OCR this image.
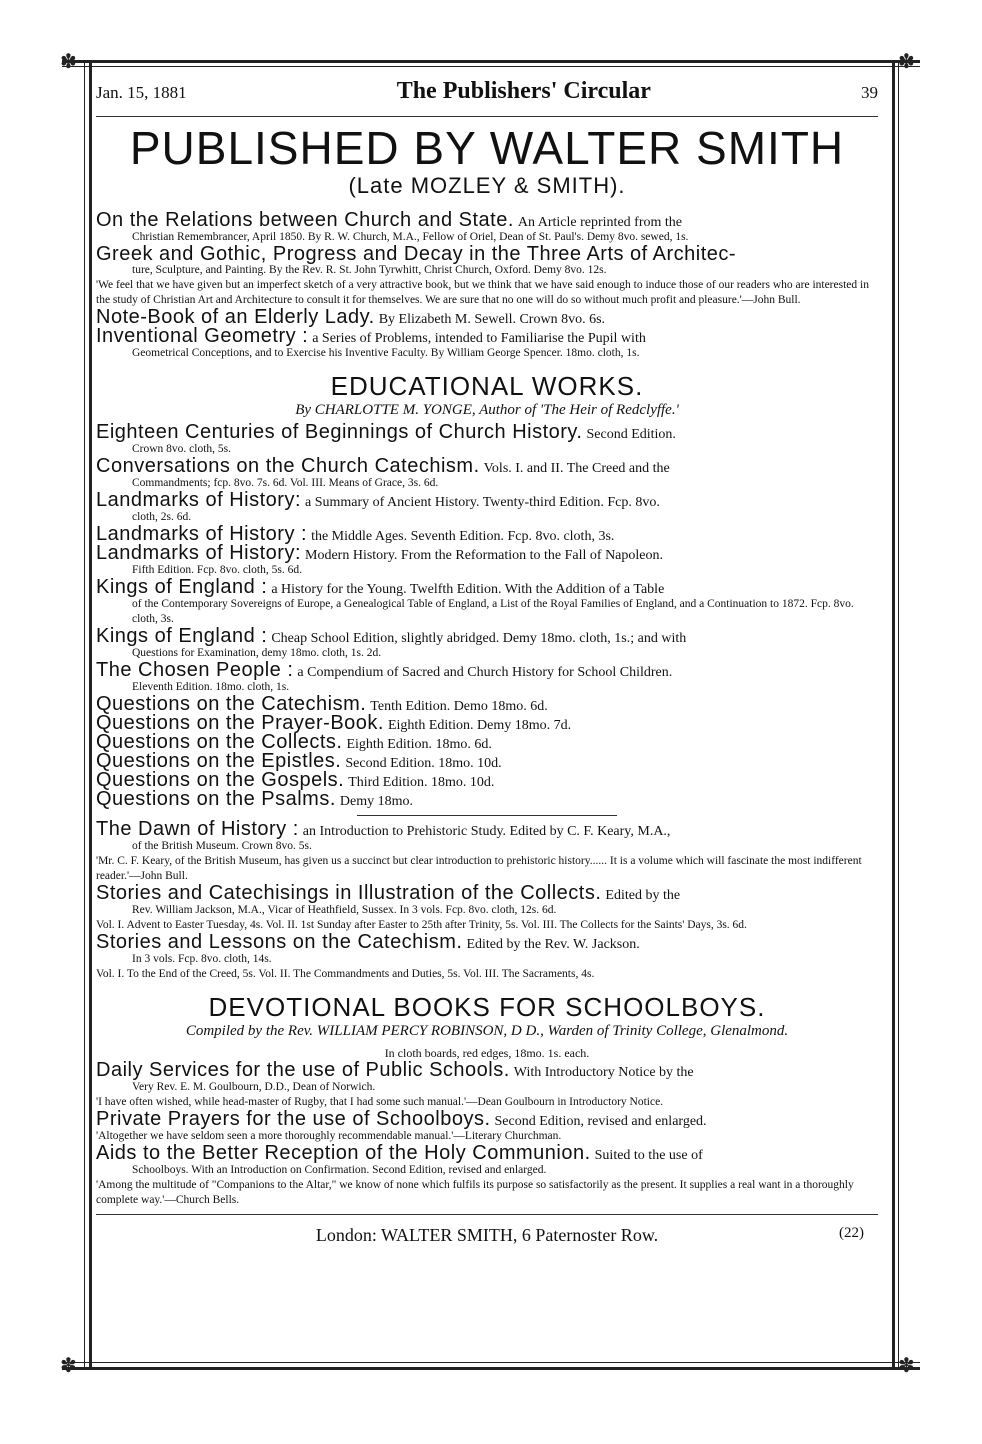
✽	✽
✽	✽
Jan. 15, 1881	The Publishers' Circular	39
PUBLISHED BY WALTER SMITH
(Late MOZLEY & SMITH).
On the Relations between Church and State. An Article reprinted from the
Christian Remembrancer, April 1850. By R. W. Church, M.A., Fellow of Oriel, Dean of St. Paul's. Demy 8vo. sewed, 1s.
Greek and Gothic, Progress and Decay in the Three Arts of Architec-
ture, Sculpture, and Painting. By the Rev. R. St. John Tyrwhitt, Christ Church, Oxford. Demy 8vo. 12s.
'We feel that we have given but an imperfect sketch of a very attractive book, but we think that we have said enough to induce those of our readers who are interested in the study of Christian Art and Architecture to consult it for themselves. We are sure that no one will do so without much profit and pleasure.'—John Bull.
Note-Book of an Elderly Lady. By Elizabeth M. Sewell. Crown 8vo. 6s.
Inventional Geometry : a Series of Problems, intended to Familiarise the Pupil with
Geometrical Conceptions, and to Exercise his Inventive Faculty. By William George Spencer. 18mo. cloth, 1s.
EDUCATIONAL WORKS.
By CHARLOTTE M. YONGE, Author of 'The Heir of Redclyffe.'
Eighteen Centuries of Beginnings of Church History. Second Edition.
Crown 8vo. cloth, 5s.
Conversations on the Church Catechism. Vols. I. and II. The Creed and the
Commandments; fcp. 8vo. 7s. 6d. Vol. III. Means of Grace, 3s. 6d.
Landmarks of History: a Summary of Ancient History. Twenty-third Edition. Fcp. 8vo.
cloth, 2s. 6d.
Landmarks of History : the Middle Ages. Seventh Edition. Fcp. 8vo. cloth, 3s.
Landmarks of History: Modern History. From the Reformation to the Fall of Napoleon.
Fifth Edition. Fcp. 8vo. cloth, 5s. 6d.
Kings of England : a History for the Young. Twelfth Edition. With the Addition of a Table
of the Contemporary Sovereigns of Europe, a Genealogical Table of England, a List of the Royal Families of England, and a Continuation to 1872. Fcp. 8vo. cloth, 3s.
Kings of England : Cheap School Edition, slightly abridged. Demy 18mo. cloth, 1s.; and with
Questions for Examination, demy 18mo. cloth, 1s. 2d.
The Chosen People : a Compendium of Sacred and Church History for School Children.
Eleventh Edition. 18mo. cloth, 1s.
Questions on the Catechism. Tenth Edition. Demo 18mo. 6d.
Questions on the Prayer-Book. Eighth Edition. Demy 18mo. 7d.
Questions on the Collects. Eighth Edition. 18mo. 6d.
Questions on the Epistles. Second Edition. 18mo. 10d.
Questions on the Gospels. Third Edition. 18mo. 10d.
Questions on the Psalms. Demy 18mo.
The Dawn of History : an Introduction to Prehistoric Study. Edited by C. F. Keary, M.A.,
of the British Museum. Crown 8vo. 5s.
'Mr. C. F. Keary, of the British Museum, has given us a succinct but clear introduction to prehistoric history...... It is a volume which will fascinate the most indifferent reader.'—John Bull.
Stories and Catechisings in Illustration of the Collects. Edited by the
Rev. William Jackson, M.A., Vicar of Heathfield, Sussex. In 3 vols. Fcp. 8vo. cloth, 12s. 6d.
Vol. I. Advent to Easter Tuesday, 4s. Vol. II. 1st Sunday after Easter to 25th after Trinity, 5s. Vol. III. The Collects for the Saints' Days, 3s. 6d.
Stories and Lessons on the Catechism. Edited by the Rev. W. Jackson.
In 3 vols. Fcp. 8vo. cloth, 14s.
Vol. I. To the End of the Creed, 5s. Vol. II. The Commandments and Duties, 5s. Vol. III. The Sacraments, 4s.
DEVOTIONAL BOOKS FOR SCHOOLBOYS.
Compiled by the Rev. WILLIAM PERCY ROBINSON, D D., Warden of Trinity College, Glenalmond.
In cloth boards, red edges, 18mo. 1s. each.
Daily Services for the use of Public Schools. With Introductory Notice by the
Very Rev. E. M. Goulbourn, D.D., Dean of Norwich.
'I have often wished, while head-master of Rugby, that I had some such manual.'—Dean Goulbourn in Introductory Notice.
Private Prayers for the use of Schoolboys. Second Edition, revised and enlarged.
'Altogether we have seldom seen a more thoroughly recommendable manual.'—Literary Churchman.
Aids to the Better Reception of the Holy Communion. Suited to the use of
Schoolboys. With an Introduction on Confirmation. Second Edition, revised and enlarged.
'Among the multitude of "Companions to the Altar," we know of none which fulfils its purpose so satisfactorily as the present. It supplies a real want in a thoroughly complete way.'—Church Bells.
London: WALTER SMITH, 6 Paternoster Row.	(22)
